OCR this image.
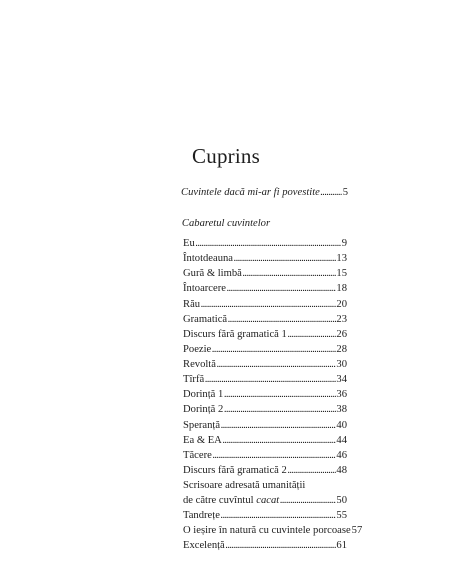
Cuprins
Cuvintele dacă mi-ar fi povestite ..... 5
Cabaretul cuvintelor
Eu .....	9
Întotdeauna .....	13
Gură & limbă .....	15
Întoarcere .....	18
Rău .....	20
Gramatică .....	23
Discurs fără gramatică 1 .....	26
Poezie .....	28
Revoltă .....	30
Tîrfă .....	34
Dorință 1 .....	36
Dorință 2 .....	38
Speranță .....	40
Ea & EA .....	44
Tăcere .....	46
Discurs fără gramatică 2 .....	48
Scrisoare adresată umanității
de către cuvîntul cacat .....	50
Tandrețe .....	55
O ieșire în natură cu cuvintele porcoase 57
Excelență .....	61
